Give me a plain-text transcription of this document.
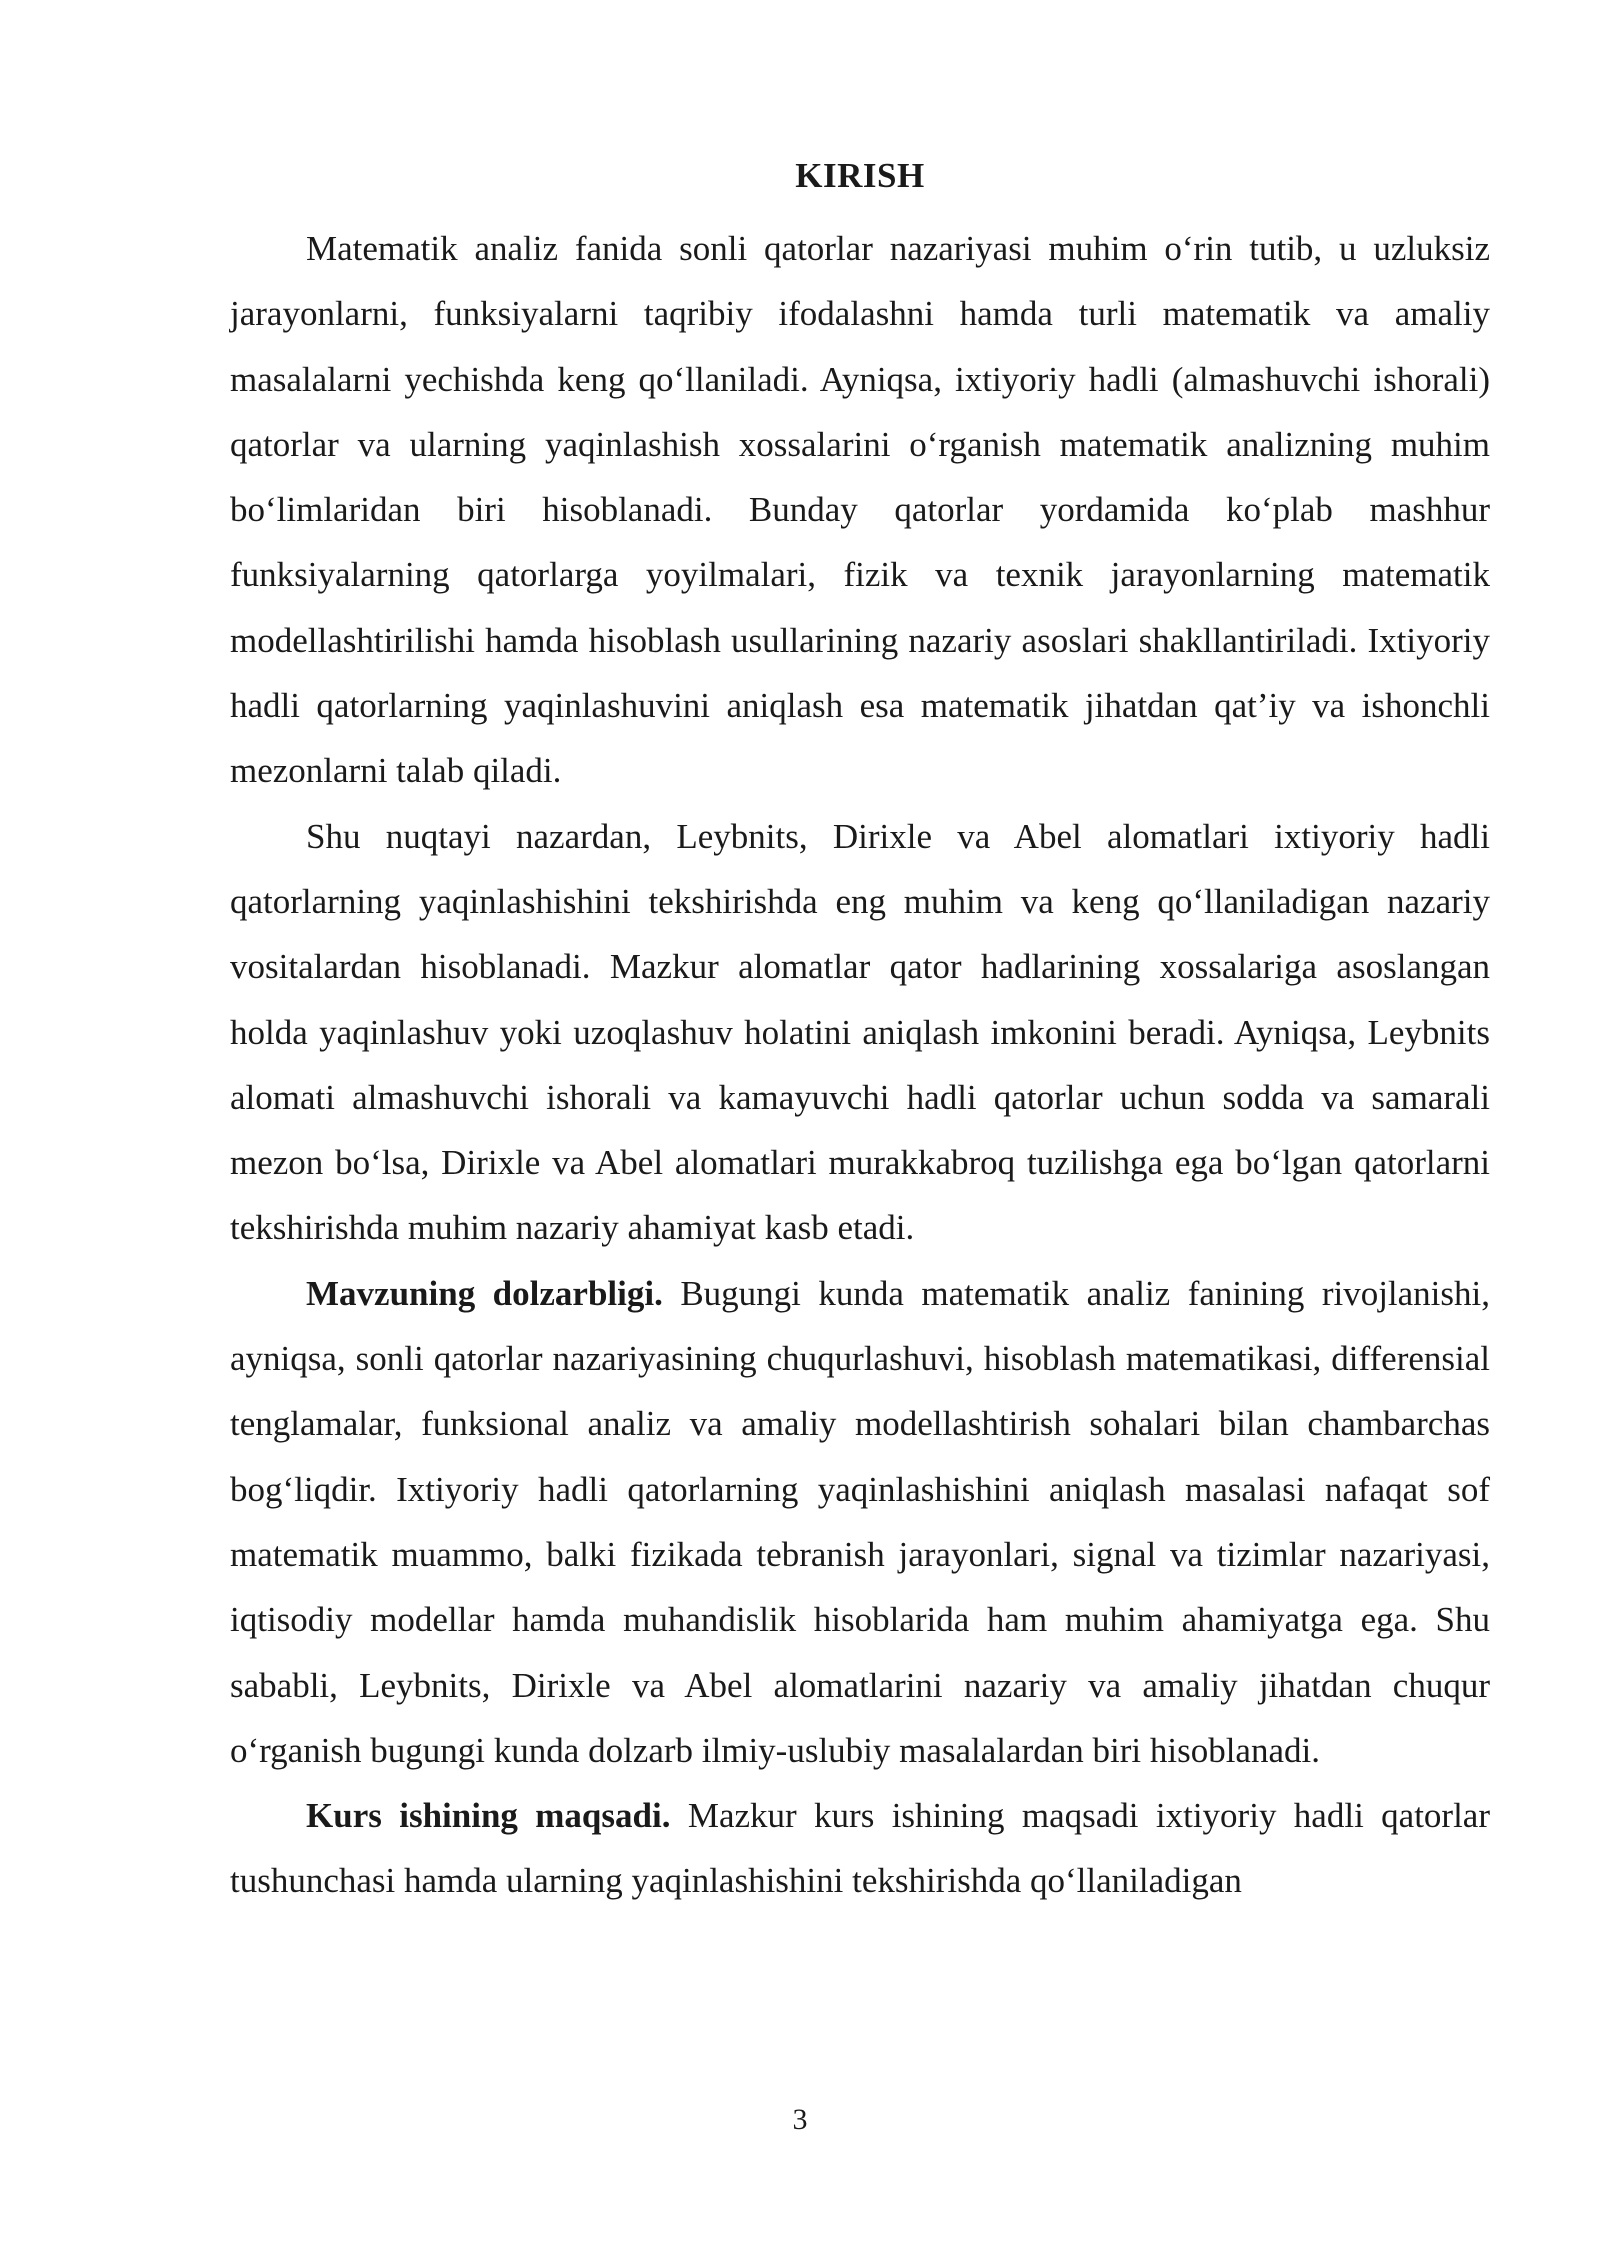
KIRISH

Matematik analiz fanida sonli qatorlar nazariyasi muhim o‘rin tutib, u uzluksiz jarayonlarni, funksiyalarni taqribiy ifodalashni hamda turli matematik va amaliy masalalarni yechishda keng qo‘llaniladi. Ayniqsa, ixtiyoriy hadli (almashuvchi ishorali) qatorlar va ularning yaqinlashish xossalarini o‘rganish matematik analizning muhim bo‘limlaridan biri hisoblanadi. Bunday qatorlar yordamida ko‘plab mashhur funksiyalarning qatorlarga yoyilmalari, fizik va texnik jarayonlarning matematik modellashtirilishi hamda hisoblash usullarining nazariy asoslari shakllantiriladi. Ixtiyoriy hadli qatorlarning yaqinlashuvini aniqlash esa matematik jihatdan qat’iy va ishonchli mezonlarni talab qiladi.

Shu nuqtayi nazardan, Leybnits, Dirixle va Abel alomatlari ixtiyoriy hadli qatorlarning yaqinlashishini tekshirishda eng muhim va keng qo‘llaniladigan nazariy vositalardan hisoblanadi. Mazkur alomatlar qator hadlarining xossalariga asoslangan holda yaqinlashuv yoki uzoqlashuv holatini aniqlash imkonini beradi. Ayniqsa, Leybnits alomati almashuvchi ishorali va kamayuvchi hadli qatorlar uchun sodda va samarali mezon bo‘lsa, Dirixle va Abel alomatlari murakkabroq tuzilishga ega bo‘lgan qatorlarni tekshirishda muhim nazariy ahamiyat kasb etadi.

Mavzuning dolzarbligi. Bugungi kunda matematik analiz fanining rivojlanishi, ayniqsa, sonli qatorlar nazariyasining chuqurlashuvi, hisoblash matematikasi, differensial tenglamalar, funksional analiz va amaliy modellashtirish sohalari bilan chambarchas bog‘liqdir. Ixtiyoriy hadli qatorlarning yaqinlashishini aniqlash masalasi nafaqat sof matematik muammo, balki fizikada tebranish jarayonlari, signal va tizimlar nazariyasi, iqtisodiy modellar hamda muhandislik hisoblarida ham muhim ahamiyatga ega. Shu sababli, Leybnits, Dirixle va Abel alomatlarini nazariy va amaliy jihatdan chuqur o‘rganish bugungi kunda dolzarb ilmiy-uslubiy masalalardan biri hisoblanadi.

Kurs ishining maqsadi. Mazkur kurs ishining maqsadi ixtiyoriy hadli qatorlar tushunchasi hamda ularning yaqinlashishini tekshirishda qo‘llaniladigan

3
